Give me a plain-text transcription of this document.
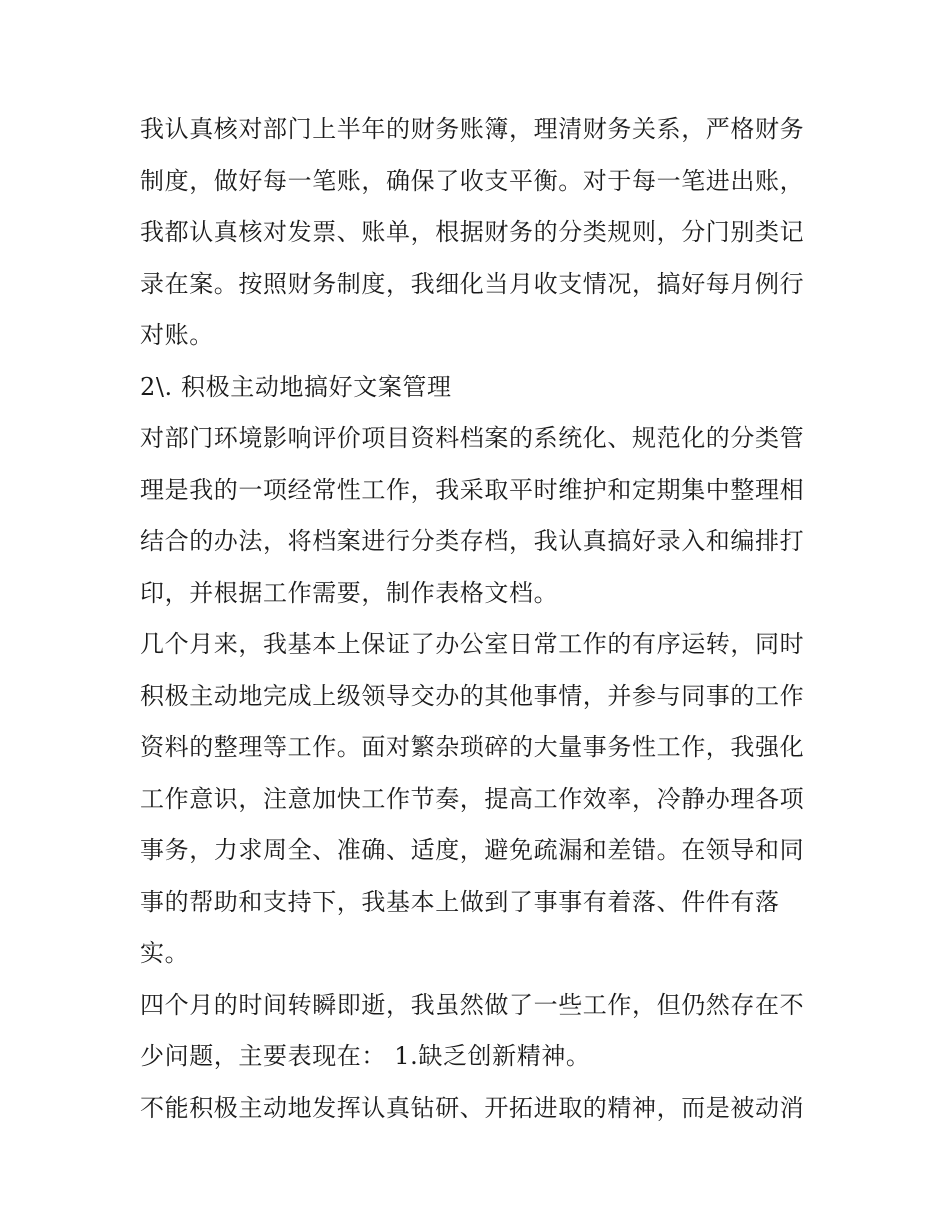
我认真核对部门上半年的财务账簿，理清财务关系，严格财务
制度，做好每一笔账，确保了收支平衡。对于每一笔进出账，
我都认真核对发票、账单，根据财务的分类规则，分门别类记
录在案。按照财务制度，我细化当月收支情况，搞好每月例行
对账。
2\. 积极主动地搞好文案管理
对部门环境影响评价项目资料档案的系统化、规范化的分类管
理是我的一项经常性工作，我采取平时维护和定期集中整理相
结合的办法，将档案进行分类存档，我认真搞好录入和编排打
印，并根据工作需要，制作表格文档。
几个月来，我基本上保证了办公室日常工作的有序运转，同时
积极主动地完成上级领导交办的其他事情，并参与同事的工作
资料的整理等工作。面对繁杂琐碎的大量事务性工作，我强化
工作意识，注意加快工作节奏，提高工作效率，冷静办理各项
事务，力求周全、准确、适度，避免疏漏和差错。在领导和同
事的帮助和支持下，我基本上做到了事事有着落、件件有落
实。
四个月的时间转瞬即逝，我虽然做了一些工作，但仍然存在不
少问题，主要表现在： 1.缺乏创新精神。
不能积极主动地发挥认真钻研、开拓进取的精神，而是被动消
